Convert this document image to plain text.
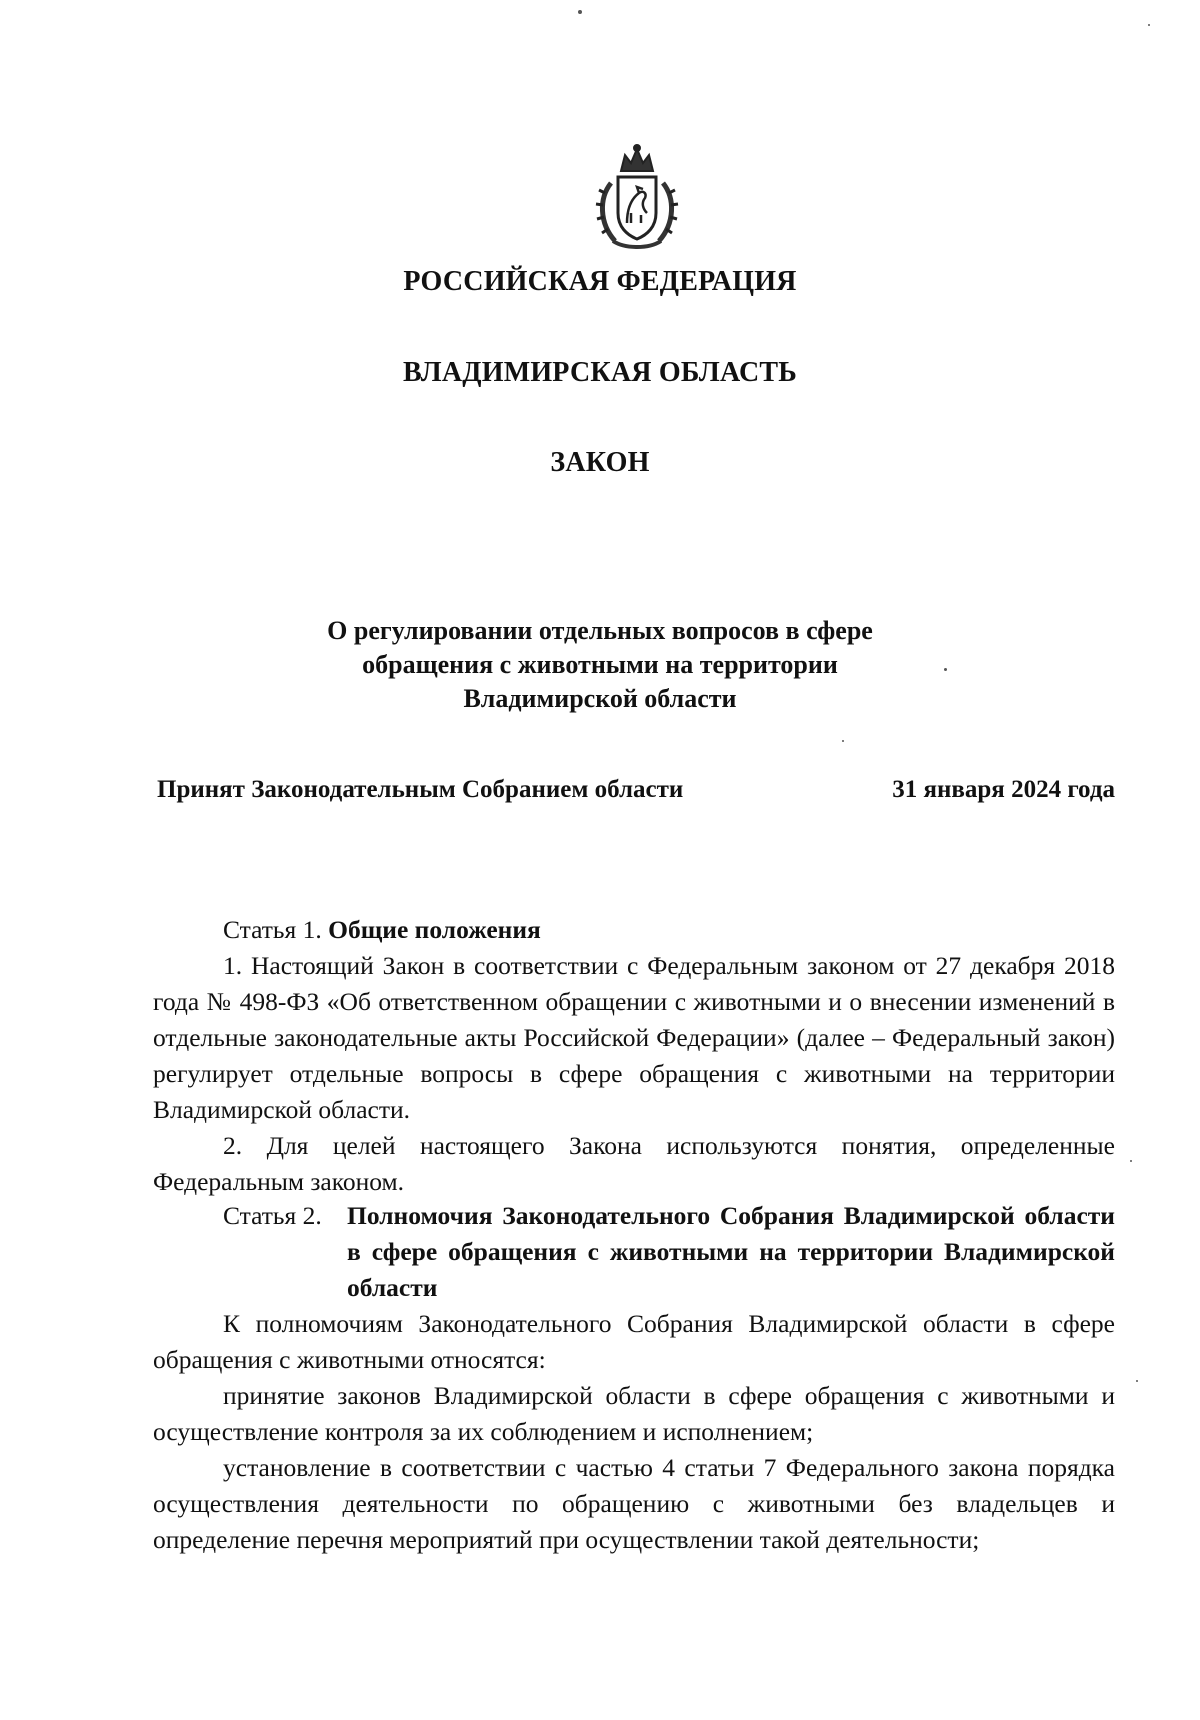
РОССИЙСКАЯ ФЕДЕРАЦИЯ
ВЛАДИМИРСКАЯ ОБЛАСТЬ
ЗАКОН
О регулировании отдельных вопросов в сфере
обращения с животными на территории
Владимирской области
Принят Законодательным Собранием области	31 января 2024 года

Статья 1. Общие положения

1. Настоящий Закон в соответствии с Федеральным законом от 27 декабря 2018 года № 498-ФЗ «Об ответственном обращении с животными и о внесении изменений в отдельные законодательные акты Российской Федерации» (далее – Федеральный закон) регулирует отдельные вопросы в сфере обращения с животными на территории Владимирской области.

2. Для целей настоящего Закона используются понятия, определенные Федеральным законом.

Статья 2. Полномочия Законодательного Собрания Владимирской области в сфере обращения с животными на территории Владимирской области

К полномочиям Законодательного Собрания Владимирской области в сфере обращения с животными относятся:

принятие законов Владимирской области в сфере обращения с животными и осуществление контроля за их соблюдением и исполнением;

установление в соответствии с частью 4 статьи 7 Федерального закона порядка осуществления деятельности по обращению с животными без владельцев и определение перечня мероприятий при осуществлении такой деятельности;
